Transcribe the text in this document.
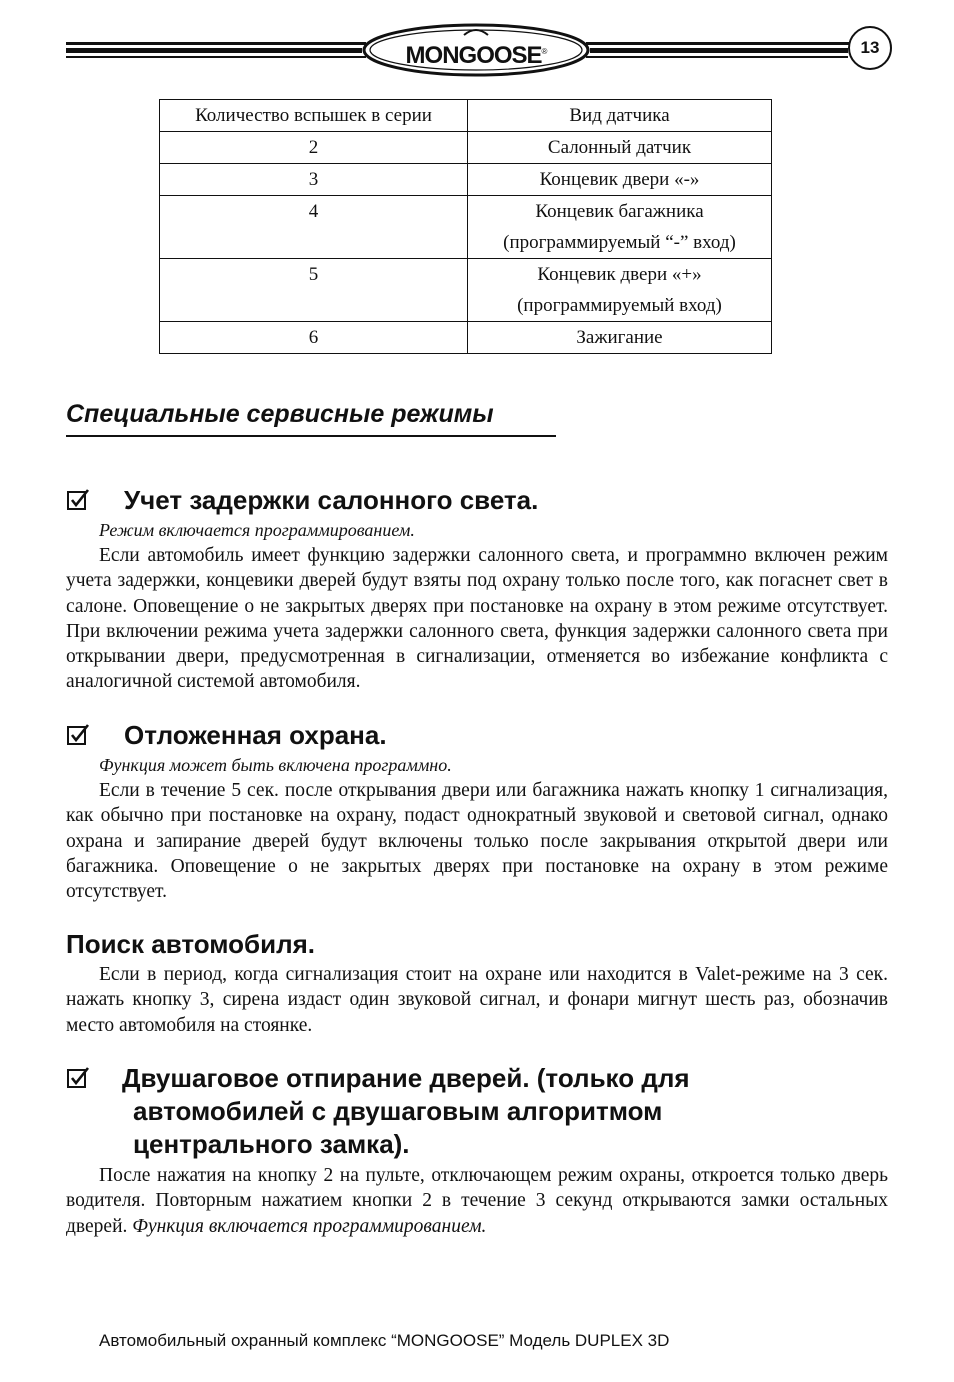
MONGOOSE®	13
Количество вспышек в серии	Вид датчика
2	Салонный датчик
3	Концевик двери «-»
4	Концевик багажника
(программируемый “-” вход)

5	Концевик двери «+»
(программируемый вход)

6	Зажигание
Специальные сервисные режимы
Учет задержки салонного света.
Режим включается программированием.

Если автомобиль имеет функцию задержки салонного света, и программно включен режим учета задержки, концевики дверей будут взяты под охрану только после того, как погаснет свет в салоне. Оповещение о не закрытых дверях при постановке на охрану в этом режиме отсутствует. При включении режима учета задержки салонного света, функция задержки салонного света при открывании двери, предусмотренная в сигнализации, отменяется во избежание конфликта с аналогичной системой автомобиля.

Отложенная охрана.
Функция может быть включена программно.

Если в течение 5 сек. после открывания двери или багажника нажать кнопку 1 сигнализация, как обычно при постановке на охрану, подаст однократный звуковой и световой сигнал, однако охрана и запирание дверей будут включены только после закрывания открытой двери или багажника. Оповещение о не закрытых дверях при постановке на охрану в этом режиме отсутствует.

Поиск автомобиля.

Если в период, когда сигнализация стоит на охране или находится в Valet-режиме на 3 сек. нажать кнопку 3, сирена издаст один звуковой сигнал, и фонари мигнут шесть раз, обозначив место автомобиля на стоянке.

Двушаговое отпирание дверей. (только для
автомобилей с двушаговым алгоритмом
центрального замка).

После нажатия на кнопку 2 на пульте, отключающем режим охраны, откроется только дверь водителя. Повторным нажатием кнопки 2 в течение 3 секунд открываются замки остальных дверей. Функция включается программированием.

Автомобильный охранный комплекс “MONGOOSE” Модель DUPLEX 3D
